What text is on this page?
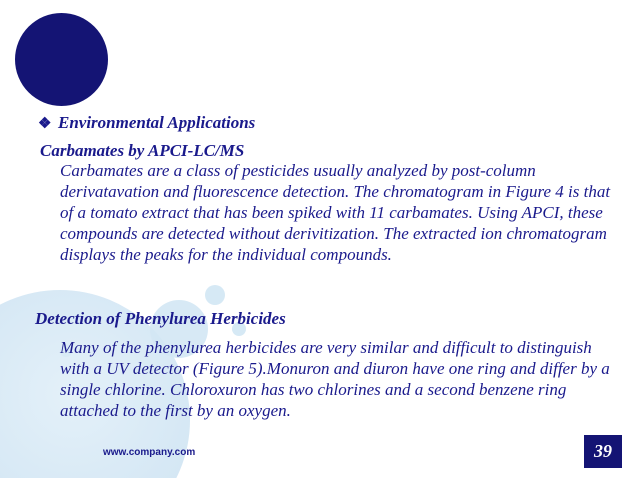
❖ Environmental Applications
Carbamates by APCI-LC/MS
Carbamates are a class of pesticides usually analyzed by post-column derivatavation and fluorescence detection. The chromatogram in Figure 4 is that of a tomato extract that has been spiked with 11 carbamates. Using APCI, these compounds are detected without derivitization. The extracted ion chromatogram displays the peaks for the individual compounds.
Detection of Phenylurea Herbicides
Many of the phenylurea herbicides are very similar and difficult to distinguish with a UV detector (Figure 5).Monuron and diuron have one ring and differ by a single chlorine. Chloroxuron has two chlorines and a second benzene ring attached to the first by an oxygen.
www.company.com	39
